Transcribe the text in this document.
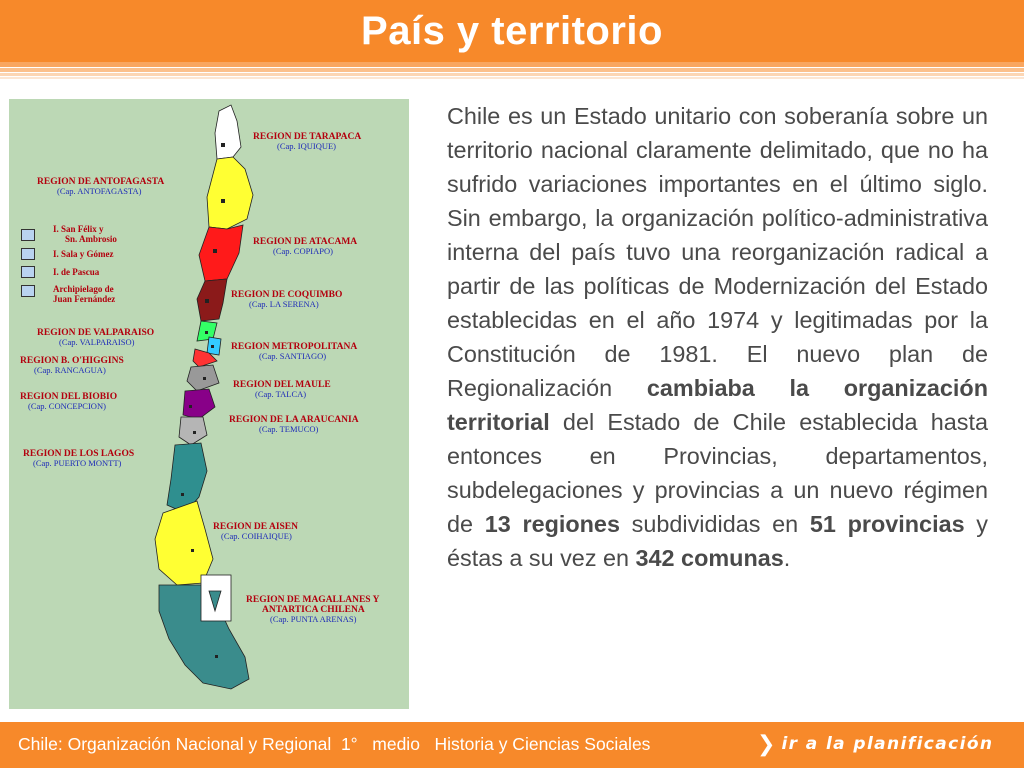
País y territorio
REGION DE TARAPACA
(Cap. IQUIQUE)
REGION DE ANTOFAGASTA
(Cap. ANTOFAGASTA)
REGION DE ATACAMA
(Cap. COPIAPO)
REGION DE COQUIMBO
(Cap. LA SERENA)
REGION DE VALPARAISO
(Cap. VALPARAISO)	REGION METROPOLITANA
(Cap. SANTIAGO)
REGION B. O'HIGGINS
(Cap. RANCAGUA)
REGION DEL MAULE
(Cap. TALCA)
REGION DEL BIOBIO
(Cap. CONCEPCION)
REGION DE LA ARAUCANIA
(Cap. TEMUCO)
REGION DE LOS LAGOS
(Cap. PUERTO MONTT)
REGION DE AISEN
(Cap. COIHAIQUE)
REGION DE MAGALLANES Y
ANTARTICA CHILENA
(Cap. PUNTA ARENAS)
I. San Félix y
Sn. Ambrosio
I. Sala y Gómez
I. de Pascua
Archipielago de
Juan Fernández

Chile es un Estado unitario con soberanía sobre un territorio nacional claramente delimitado, que no ha sufrido variaciones importantes en el último siglo. Sin embargo, la organización político-administrativa interna del país tuvo una reorganización radical a partir de las políticas de Modernización del Estado establecidas en el año 1974 y legitimadas por la Constitución de 1981. El nuevo plan de Regionalización cambiaba la organización territorial del Estado de Chile establecida hasta entonces en Provincias, departamentos, subdelegaciones y provincias a un nuevo régimen de 13 regiones subdivididas en 51 provincias y éstas a su vez en 342 comunas.

Chile: Organización Nacional y Regional  1°   medio   Historia y Ciencias Sociales	❯ ir a la planificación
